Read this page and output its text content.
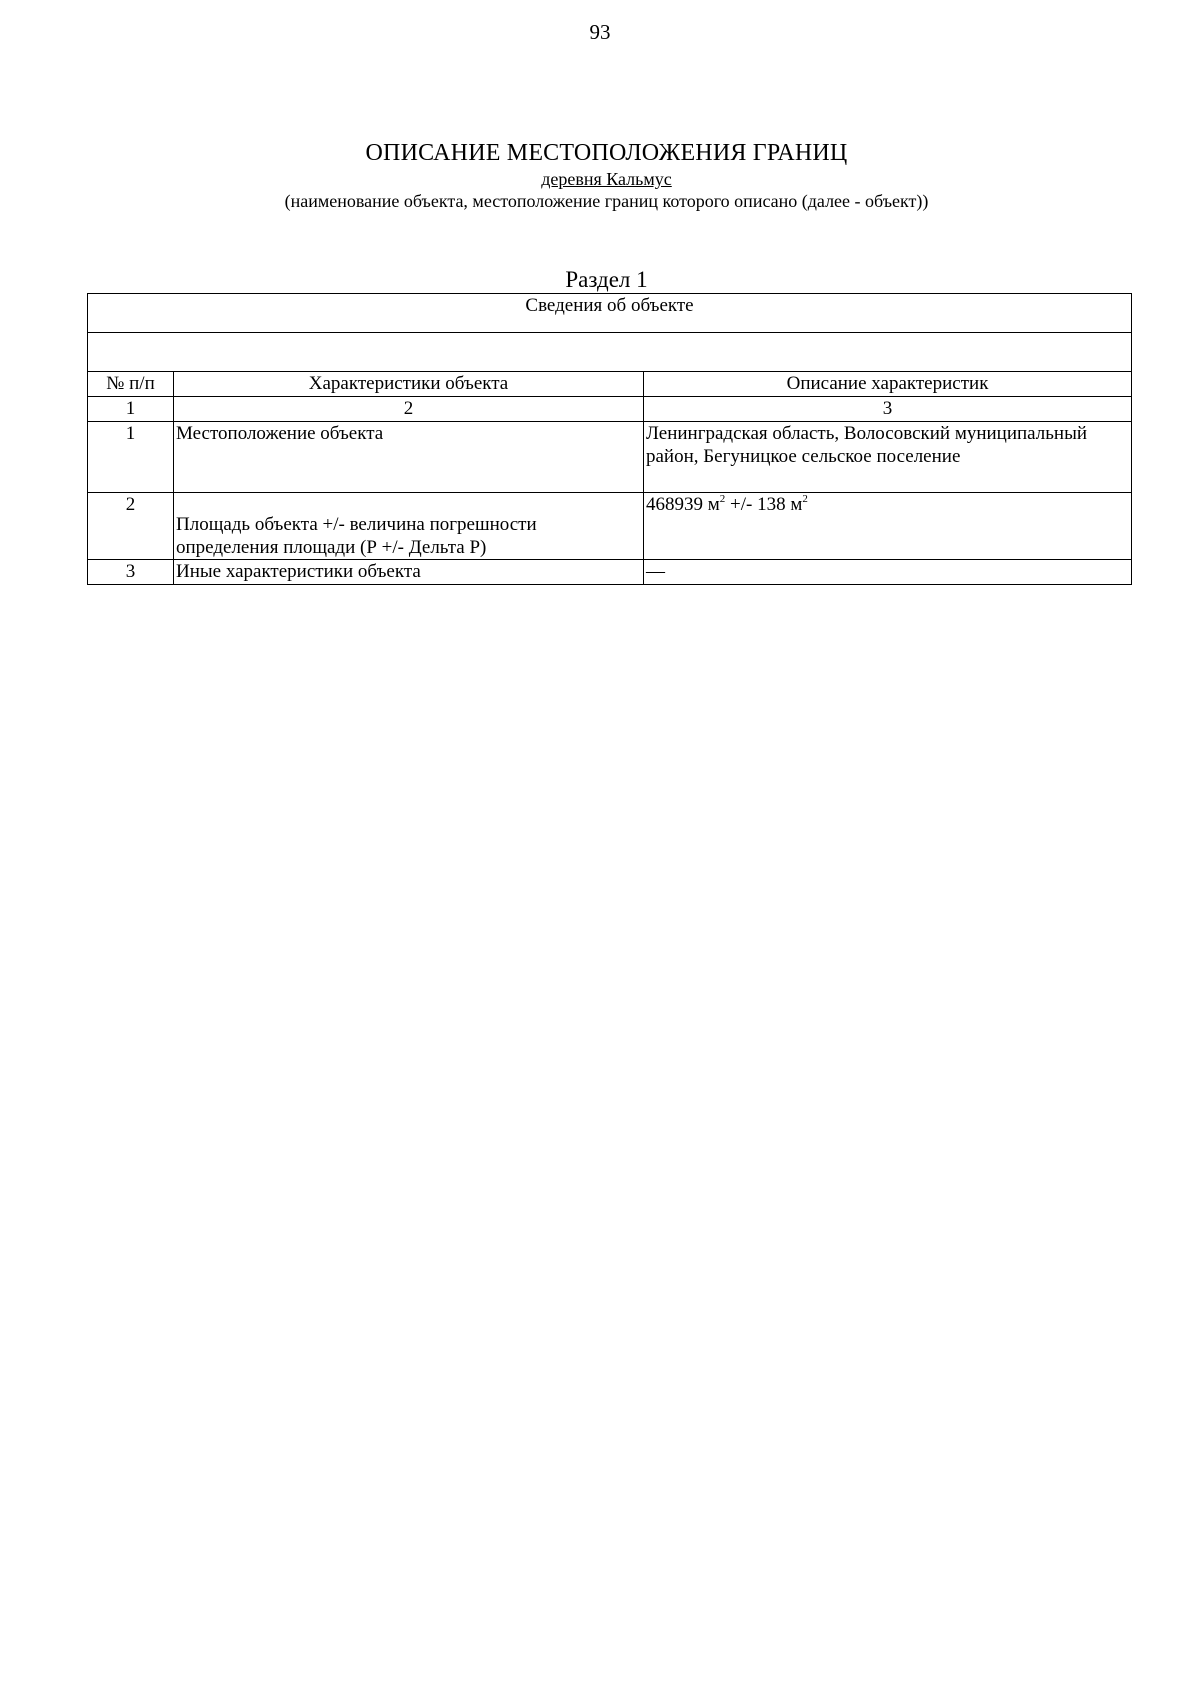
93
ОПИСАНИЕ МЕСТОПОЛОЖЕНИЯ ГРАНИЦ
деревня Кальмус
(наименование объекта, местоположение границ которого описано (далее - объект))
Раздел 1
Сведения об объекте		

№ п/п	Характеристики объекта	Описание характеристик
1	2	3
1	Местоположение объекта	Ленинградская область, Волосовский муниципальный район, Бегуницкое сельское поселение
2	Площадь объекта +/- величина погрешности определения площади (Р +/- Дельта Р)	468939 $м^2$ +/- 138 $м^2$
3	Иные характеристики объекта	—
